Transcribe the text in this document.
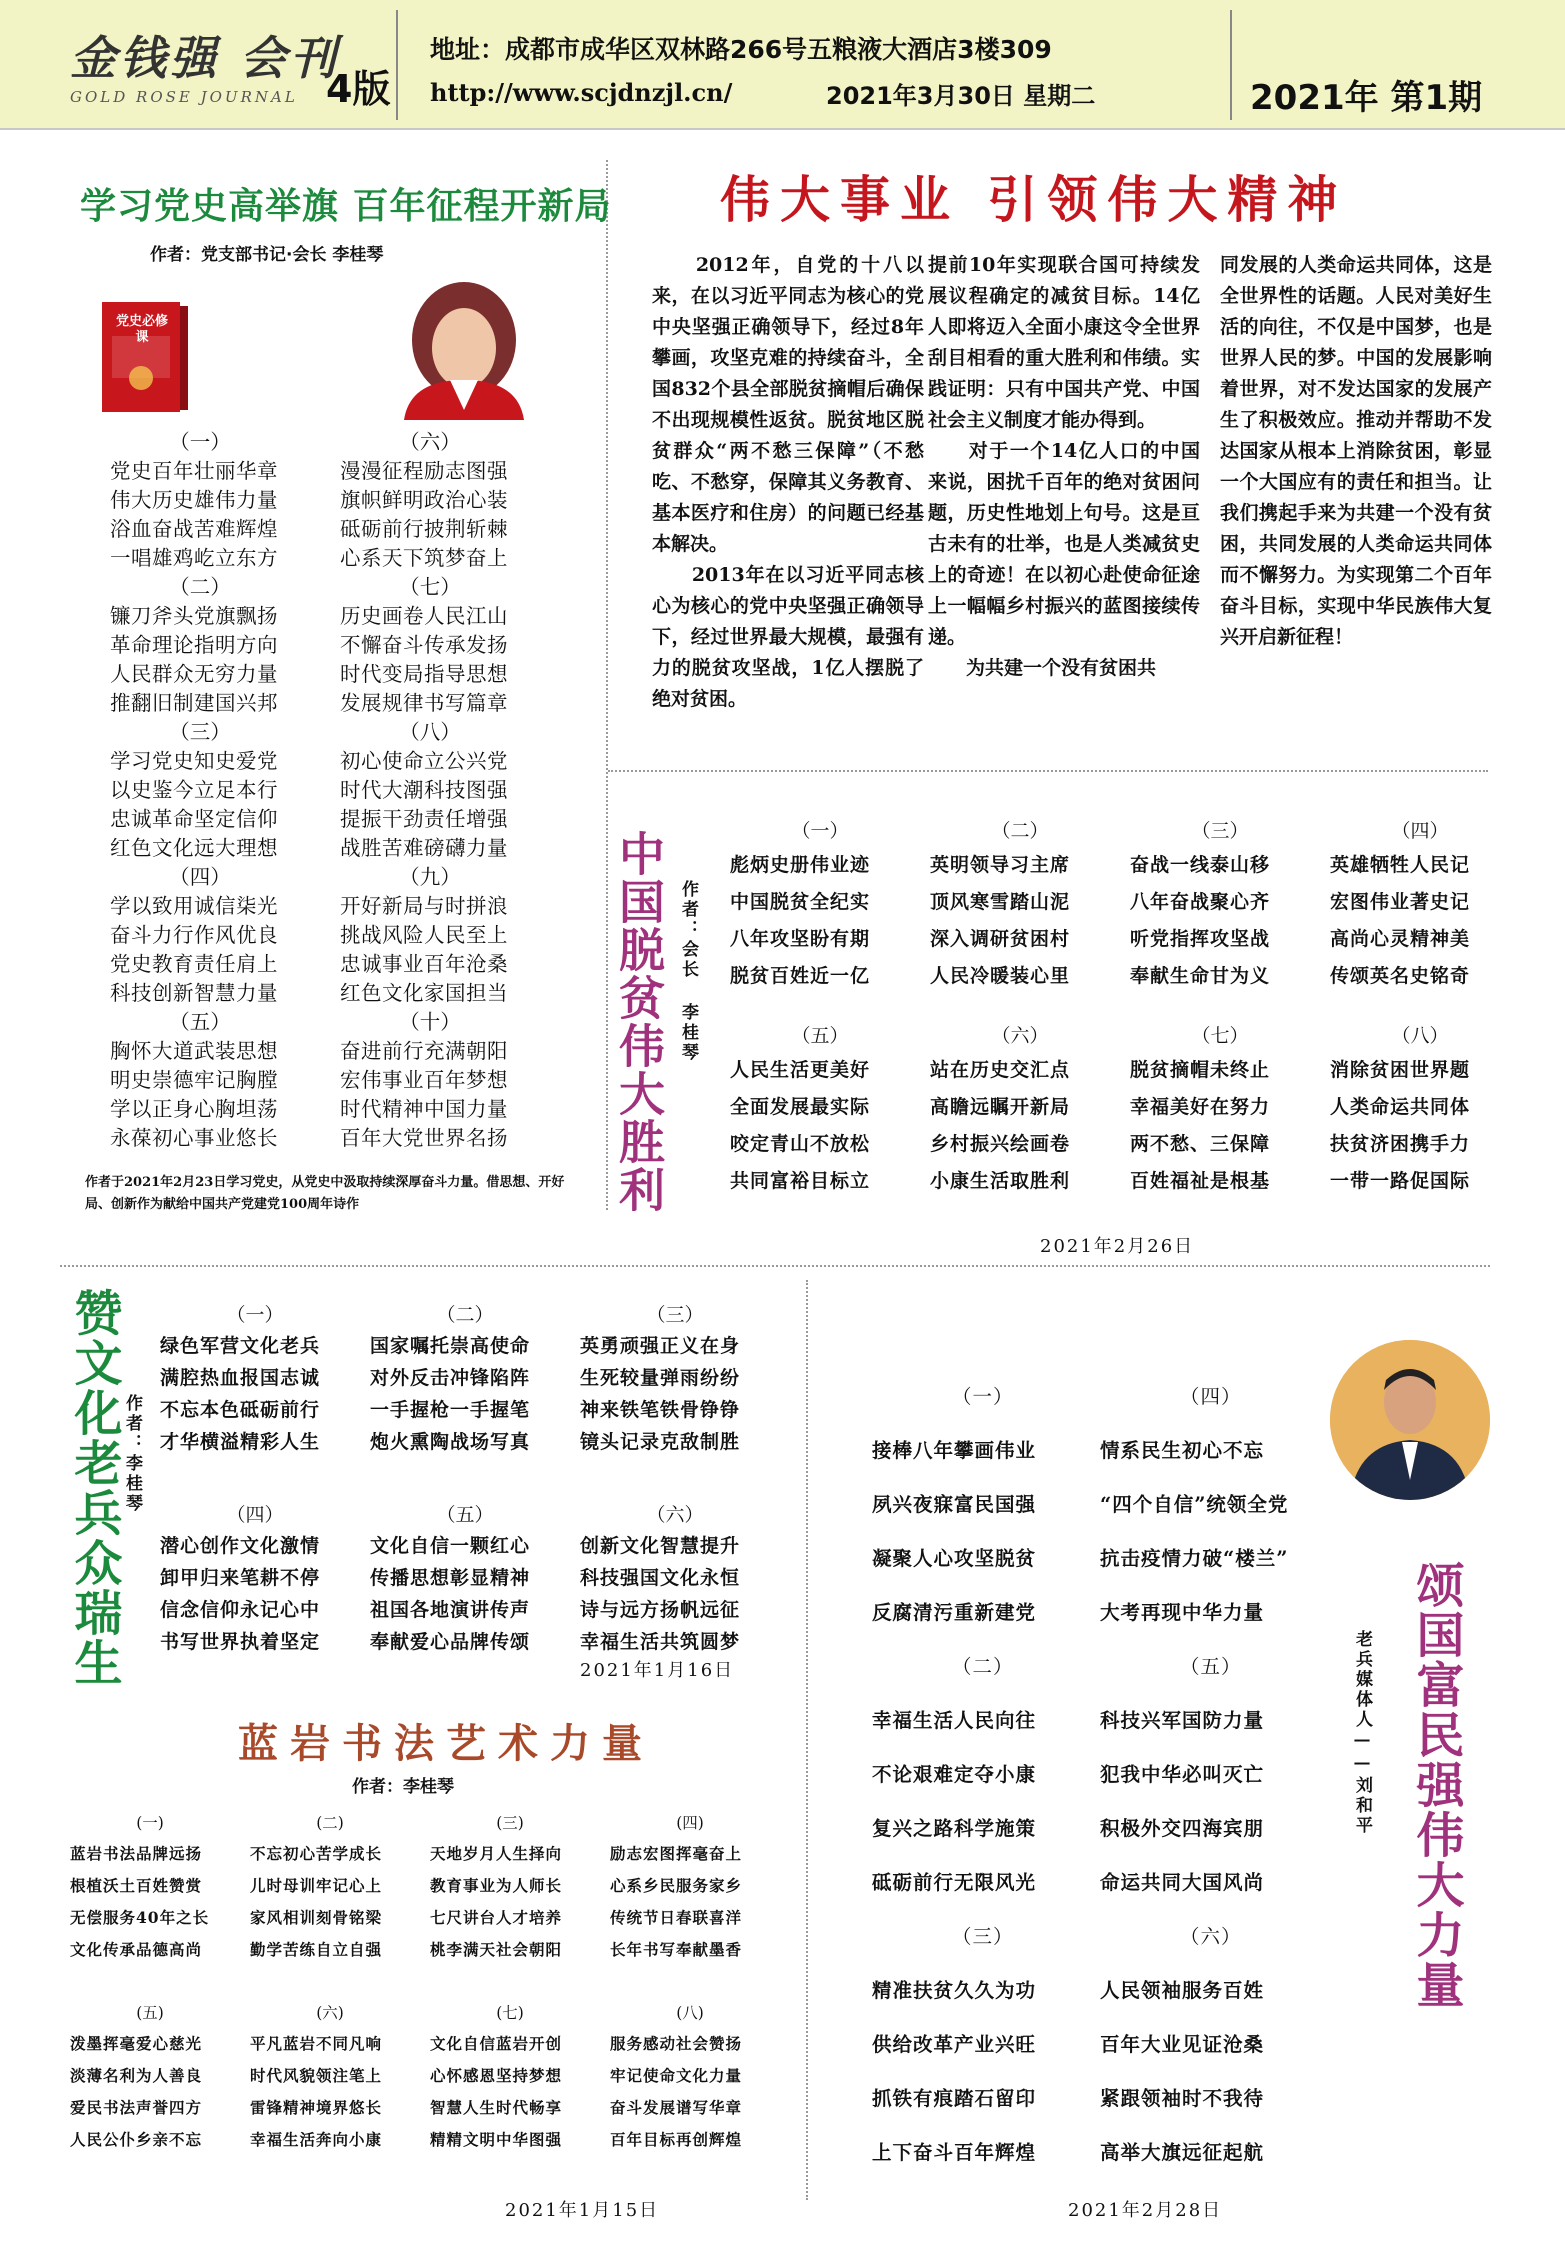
金钱强 会刊
GOLD ROSE JOURNAL 4版
地址：成都市成华区双林路266号五粮液大酒店3楼309
http://www.scjdnzjl.cn/	2021年3月30日 星期二	2021年 第1期
学习党史高举旗 百年征程开新局
作者：党支部书记·会长 李桂琴
党史必修课
（一）
党史百年壮丽华章
伟大历史雄伟力量
浴血奋战苦难辉煌
一唱雄鸡屹立东方
（二）
镰刀斧头党旗飘扬
革命理论指明方向
人民群众无穷力量
推翻旧制建国兴邦
（三）
学习党史知史爱党
以史鉴今立足本行
忠诚革命坚定信仰
红色文化远大理想
（四）
学以致用诚信柒光
奋斗力行作风优良
党史教育责任肩上
科技创新智慧力量
（五）
胸怀大道武装思想
明史崇德牢记胸膛
学以正身心胸坦荡
永葆初心事业悠长
（六）
漫漫征程励志图强
旗帜鲜明政治心装
砥砺前行披荆斩棘
心系天下筑梦奋上
（七）
历史画卷人民江山
不懈奋斗传承发扬
时代变局指导思想
发展规律书写篇章
（八）
初心使命立公兴党
时代大潮科技图强
提振干劲责任增强
战胜苦难磅礴力量
（九）
开好新局与时拼浪
挑战风险人民至上
忠诚事业百年沧桑
红色文化家国担当
（十）
奋进前行充满朝阳
宏伟事业百年梦想
时代精神中国力量
百年大党世界名扬
作者于2021年2月23日学习党史，从党史中汲取持续深厚奋斗力量。借思想、开好局、创新作为献给中国共产党建党100周年诗作
伟大事业 引领伟大精神
　　2012年，自党的十八以来，在以习近平同志为核心的党中央坚强正确领导下，经过8年攀画，攻坚克难的持续奋斗，全国832个县全部脱贫摘帽后确保不出现规模性返贫。脱贫地区脱贫群众“两不愁三保障”（不愁吃、不愁穿，保障其义务教育、基本医疗和住房）的问题已经基本解决。
　　2013年在以习近平同志核心为核心的党中央坚强正确领导下，经过世界最大规模，最强有力的脱贫攻坚战，1亿人摆脱了绝对贫困。
提前10年实现联合国可持续发展议程确定的减贫目标。14亿人即将迈入全面小康这令全世界刮目相看的重大胜利和伟绩。实践证明：只有中国共产党、中国社会主义制度才能办得到。
　　对于一个14亿人口的中国来说，困扰千百年的绝对贫困问题，历史性地划上句号。这是亘古未有的壮举，也是人类减贫史上的奇迹！在以初心赴使命征途上一幅幅乡村振兴的蓝图接续传递。
　　为共建一个没有贫困共
同发展的人类命运共同体，这是全世界性的话题。人民对美好生活的向往，不仅是中国梦，也是世界人民的梦。中国的发展影响着世界，对不发达国家的发展产生了积极效应。推动并帮助不发达国家从根本上消除贫困，彰显一个大国应有的责任和担当。让我们携起手来为共建一个没有贫困，共同发展的人类命运共同体而不懈努力。为实现第二个百年奋斗目标，实现中华民族伟大复兴开启新征程！
中国脱贫伟大胜利 作者：会长 李桂琴
（一）
彪炳史册伟业迹
中国脱贫全纪实
八年攻坚盼有期
脱贫百姓近一亿
（二）
英明领导习主席
顶风寒雪踏山泥
深入调研贫困村
人民冷暖装心里
（三）
奋战一线泰山移
八年奋战聚心齐
听党指挥攻坚战
奉献生命甘为义
（四）
英雄牺牲人民记
宏图伟业著史记
高尚心灵精神美
传颂英名史铭奇
（五）
人民生活更美好
全面发展最实际
咬定青山不放松
共同富裕目标立
（六）
站在历史交汇点
高瞻远瞩开新局
乡村振兴绘画卷
小康生活取胜利
（七）
脱贫摘帽未终止
幸福美好在努力
两不愁、三保障
百姓福祉是根基
（八）
消除贫困世界题
人类命运共同体
扶贫济困携手力
一带一路促国际
2021年2月26日
赞文化老兵众瑞生 作者：李桂琴
（一）
绿色军营文化老兵
满腔热血报国志诚
不忘本色砥砺前行
才华横溢精彩人生
（二）
国家嘱托崇高使命
对外反击冲锋陷阵
一手握枪一手握笔
炮火熏陶战场写真
（三）
英勇顽强正义在身
生死较量弹雨纷纷
神来铁笔铁骨铮铮
镜头记录克敌制胜
（四）
潜心创作文化激情
卸甲归来笔耕不停
信念信仰永记心中
书写世界执着坚定
（五）
文化自信一颗红心
传播思想彰显精神
祖国各地演讲传声
奉献爱心品牌传颂
（六）
创新文化智慧提升
科技强国文化永恒
诗与远方扬帆远征
幸福生活共筑圆梦
2021年1月16日
蓝岩书法艺术力量
作者：李桂琴
(一)
蓝岩书法品牌远扬
根植沃土百姓赞赏
无偿服务40年之长
文化传承品德高尚
(二)
不忘初心苦学成长
儿时母训牢记心上
家风相训刻骨铭梁
勤学苦练自立自强
(三)
天地岁月人生择向
教育事业为人师长
七尺讲台人才培养
桃李满天社会朝阳
(四)
励志宏图挥毫奋上
心系乡民服务家乡
传统节日春联喜洋
长年书写奉献墨香
(五)
泼墨挥毫爱心慈光
淡薄名利为人善良
爱民书法声誉四方
人民公仆乡亲不忘
(六)
平凡蓝岩不同凡响
时代风貌领注笔上
雷锋精神境界悠长
幸福生活奔向小康
(七)
文化自信蓝岩开创
心怀感恩坚持梦想
智慧人生时代畅享
精精文明中华图强
(八)
服务感动社会赞扬
牢记使命文化力量
奋斗发展谱写华章
百年目标再创辉煌
2021年1月15日
（一）
接棒八年攀画伟业
夙兴夜寐富民国强
凝聚人心攻坚脱贫
反腐清污重新建党
（二）
幸福生活人民向往
不论艰难定夺小康
复兴之路科学施策
砥砺前行无限风光
（三）
精准扶贫久久为功
供给改革产业兴旺
抓铁有痕踏石留印
上下奋斗百年辉煌
（四）
情系民生初心不忘
“四个自信”统领全党
抗击疫情力破“楼兰”
大考再现中华力量
（五）
科技兴军国防力量
犯我中华必叫灭亡
积极外交四海宾朋
命运共同大国风尚
（六）
人民领袖服务百姓
百年大业见证沧桑
紧跟领袖时不我待
高举大旗远征起航
颂国富民强伟大力量
老兵媒体人——刘和平
2021年2月28日
